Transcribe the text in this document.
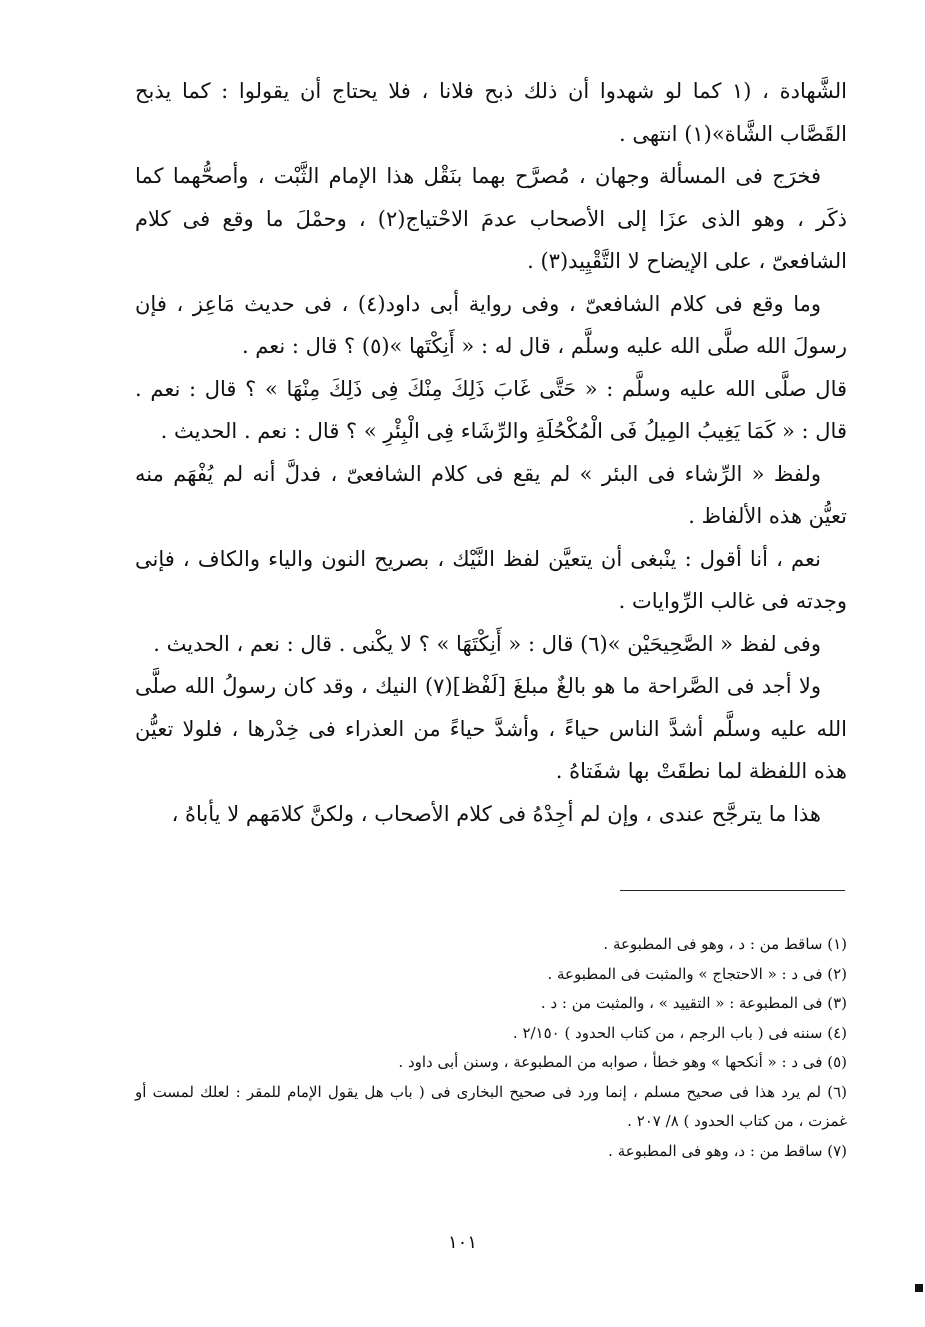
الشَّهادة ، (١ كما لو شهدوا أن ذلك ذبح فلانا ، فلا يحتاج أن يقولوا : كما يذبح القَصَّاب الشَّاة»(١) انتهى .

فخرَج فى المسألة وجهان ، مُصرَّح بهما بنَقْل هذا الإمام الثَّبْت ، وأصحُّهما كما ذكَر ، وهو الذى عزَا إلى الأصحاب عدمَ الاحْتياج(٢) ، وحمْلَ ما وقع فى كلام الشافعىّ ، على الإيضاح لا التَّقْيِيد(٣) .

وما وقع فى كلام الشافعىّ ، وفى رواية أبى داود(٤) ، فى حديث مَاعِز ، فإن رسولَ الله صلَّى الله عليه وسلَّم ، قال له : « أَنِكْتَها »(٥) ؟ قال : نعم .

قال صلَّى الله عليه وسلَّم : « حَتَّى غَابَ ذَلِكَ مِنْكَ فِى ذَلِكَ مِنْهَا » ؟ قال : نعم . قال : « كَمَا يَغِيبُ المِيلُ فَى الْمُكْحُلَةِ والرِّشَاء فِى الْبِئْرِ » ؟ قال : نعم . الحديث .

ولفظ « الرِّشاء فى البئر » لم يقع فى كلام الشافعىّ ، فدلَّ أنه لم يُفْهَم منه تعيُّن هذه الألفاظ .

نعم ، أنا أقول : ينْبغى أن يتعيَّن لفظ النَّيْك ، بصريح النون والياء والكاف ، فإنى وجدته فى غالب الرِّوايات .

وفى لفظ « الصَّحِيحَيْن »(٦) قال : « أَنِكْتَهَا » ؟ لا يكْنى . قال : نعم ، الحديث .

ولا أجد فى الصَّراحة ما هو بالغٌ مبلغَ [لَفْظ](٧) النيك ، وقد كان رسولُ الله صلَّى الله عليه وسلَّم أشدَّ الناس حياءً ، وأشدَّ حياءً من العذراء فى خِدْرها ، فلولا تعيُّن هذه اللفظة لما نطقَتْ بها شفَتاهُ .

هذا ما يترجَّح عندى ، وإن لم أجِدْهُ فى كلام الأصحاب ، ولكنَّ كلامَهم لا يأباهُ ،

(١) ساقط من : د ، وهو فى المطبوعة .

(٢) فى د : « الاحتجاج » والمثبت فى المطبوعة .

(٣) فى المطبوعة : « التقييد » ، والمثبت من : د .

(٤) سننه فى ( باب الرجم ، من كتاب الحدود ) ٢/١٥٠ .

(٥) فى د : « أنكحها » وهو خطأ ، صوابه من المطبوعة ، وسنن أبى داود .

(٦) لم يرد هذا فى صحيح مسلم ، إنما ورد فى صحيح البخارى فى ( باب هل يقول الإمام للمقر : لعلك لمست أو غمزت ، من كتاب الحدود ) ٨/ ٢٠٧ .

(٧) ساقط من : د، وهو فى المطبوعة .

١٠١
